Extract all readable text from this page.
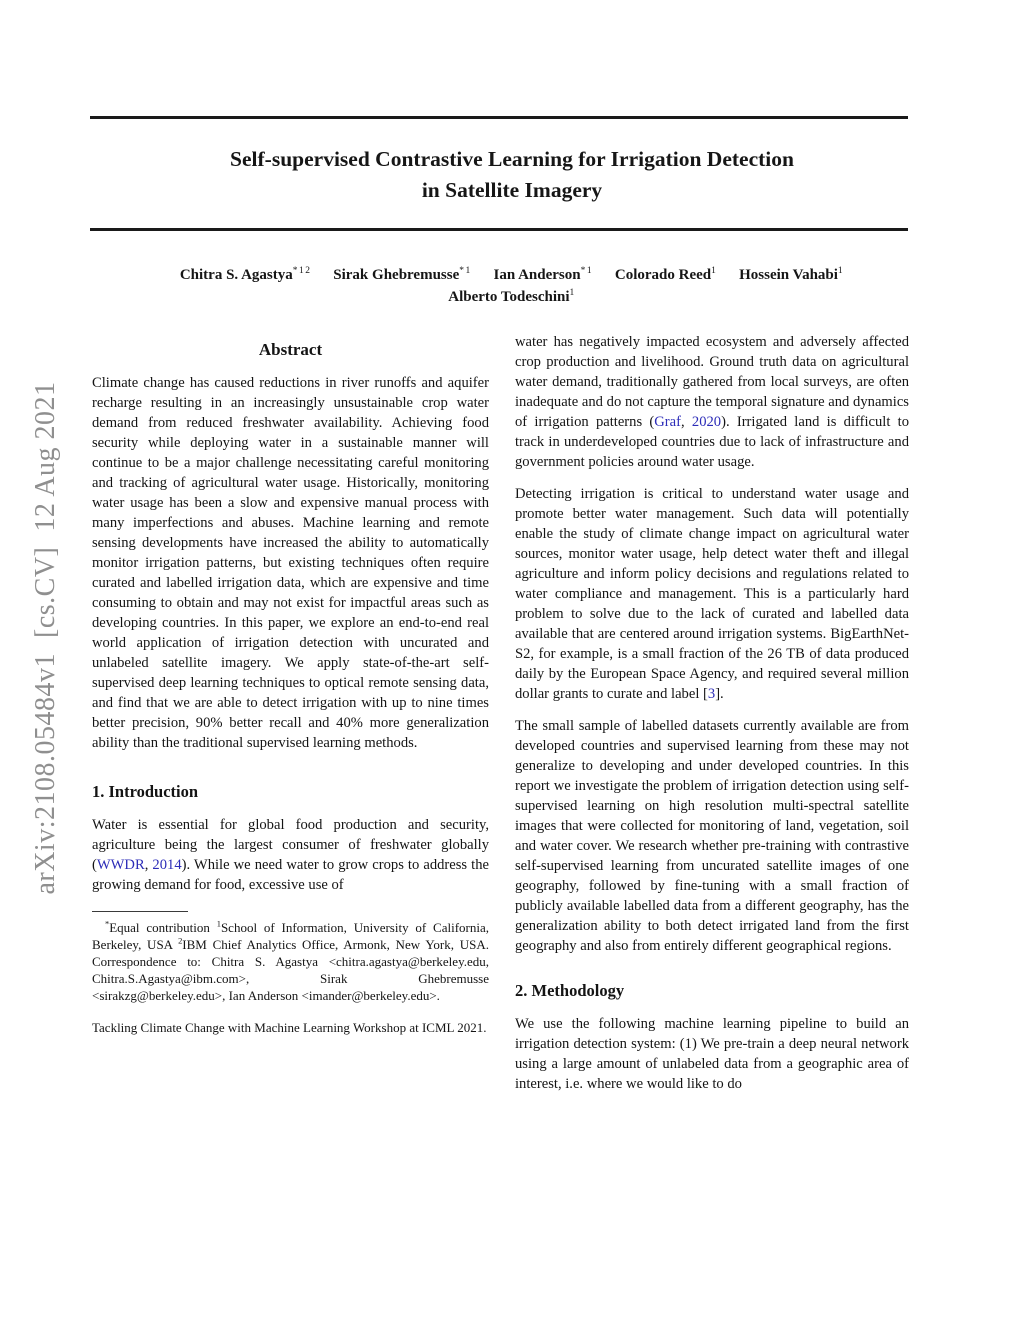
arXiv:2108.05484v1  [cs.CV]  12 Aug 2021
Self-supervised Contrastive Learning for Irrigation Detection
in Satellite Imagery
Chitra S. Agastya$^{*12}$ Sirak Ghebremusse$^{*1}$ Ian Anderson$^{*1}$ Colorado Reed$^1$ Hossein Vahabi$^1$
Alberto Todeschini$^1$
Abstract

Climate change has caused reductions in river runoffs and aquifer recharge resulting in an increasingly unsustainable crop water demand from reduced freshwater availability. Achieving food security while deploying water in a sustainable manner will continue to be a major challenge necessitating careful monitoring and tracking of agricultural water usage. Historically, monitoring water usage has been a slow and expensive manual process with many imperfections and abuses. Machine learning and remote sensing developments have increased the ability to automatically monitor irrigation patterns, but existing techniques often require curated and labelled irrigation data, which are expensive and time consuming to obtain and may not exist for impactful areas such as developing countries. In this paper, we explore an end-to-end real world application of irrigation detection with uncurated and unlabeled satellite imagery. We apply state-of-the-art self-supervised deep learning techniques to optical remote sensing data, and find that we are able to detect irrigation with up to nine times better precision, 90% better recall and 40% more generalization ability than the traditional supervised learning methods.

1. Introduction

Water is essential for global food production and security, agriculture being the largest consumer of freshwater globally (WWDR, 2014). While we need water to grow crops to address the growing demand for food, excessive use of

*Equal contribution $^1$School of Information, University of California, Berkeley, USA $^2$IBM Chief Analytics Office, Armonk, New York, USA. Correspondence to: Chitra S. Agastya <chitra.agastya@berkeley.edu, Chitra.S.Agastya@ibm.com>, Sirak Ghebremusse <sirakzg@berkeley.edu>, Ian Anderson <imander@berkeley.edu>.

Tackling Climate Change with Machine Learning Workshop at ICML 2021.

water has negatively impacted ecosystem and adversely affected crop production and livelihood. Ground truth data on agricultural water demand, traditionally gathered from local surveys, are often inadequate and do not capture the temporal signature and dynamics of irrigation patterns (Graf, 2020). Irrigated land is difficult to track in underdeveloped countries due to lack of infrastructure and government policies around water usage.

Detecting irrigation is critical to understand water usage and promote better water management. Such data will potentially enable the study of climate change impact on agricultural water sources, monitor water usage, help detect water theft and illegal agriculture and inform policy decisions and regulations related to water compliance and management. This is a particularly hard problem to solve due to the lack of curated and labelled data available that are centered around irrigation systems. BigEarthNet-S2, for example, is a small fraction of the 26 TB of data produced daily by the European Space Agency, and required several million dollar grants to curate and label [3].

The small sample of labelled datasets currently available are from developed countries and supervised learning from these may not generalize to developing and under developed countries. In this report we investigate the problem of irrigation detection using self-supervised learning on high resolution multi-spectral satellite images that were collected for monitoring of land, vegetation, soil and water cover. We research whether pre-training with contrastive self-supervised learning from uncurated satellite images of one geography, followed by fine-tuning with a small fraction of publicly available labelled data from a different geography, has the generalization ability to both detect irrigated land from the first geography and also from entirely different geographical regions.

2. Methodology

We use the following machine learning pipeline to build an irrigation detection system: (1) We pre-train a deep neural network using a large amount of unlabeled data from a geographic area of interest, i.e. where we would like to do
